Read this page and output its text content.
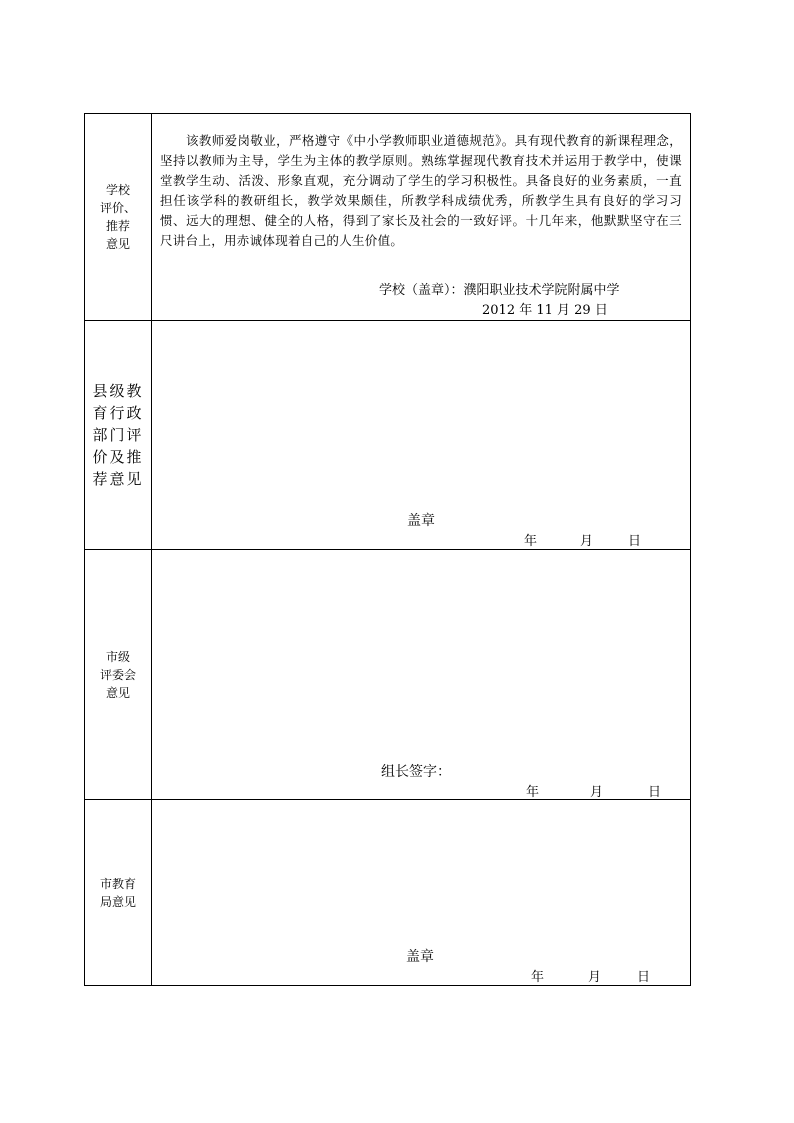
学校
评价、
推荐
意见

该教师爱岗敬业，严格遵守《中小学教师职业道德规范》。具有现代教育的新课程理念，坚持以教师为主导，学生为主体的教学原则。熟练掌握现代教育技术并运用于教学中，使课堂教学生动、活泼、形象直观，充分调动了学生的学习积极性。具备良好的业务素质，一直担任该学科的教研组长，教学效果颇佳，所教学科成绩优秀，所教学生具有良好的学习习惯、远大的理想、健全的人格，得到了家长及社会的一致好评。十几年来，他默默坚守在三尺讲台上，用赤诚体现着自己的人生价值。

学校（盖章）：濮阳职业技术学院附属中学
2012 年 11 月 29 日
县级教
育行政
部门评
价及推
荐意见
盖章
年	月	日
市级
评委会
意见
组长签字：
年	月	日
市教育
局意见
盖章
年	月	日
